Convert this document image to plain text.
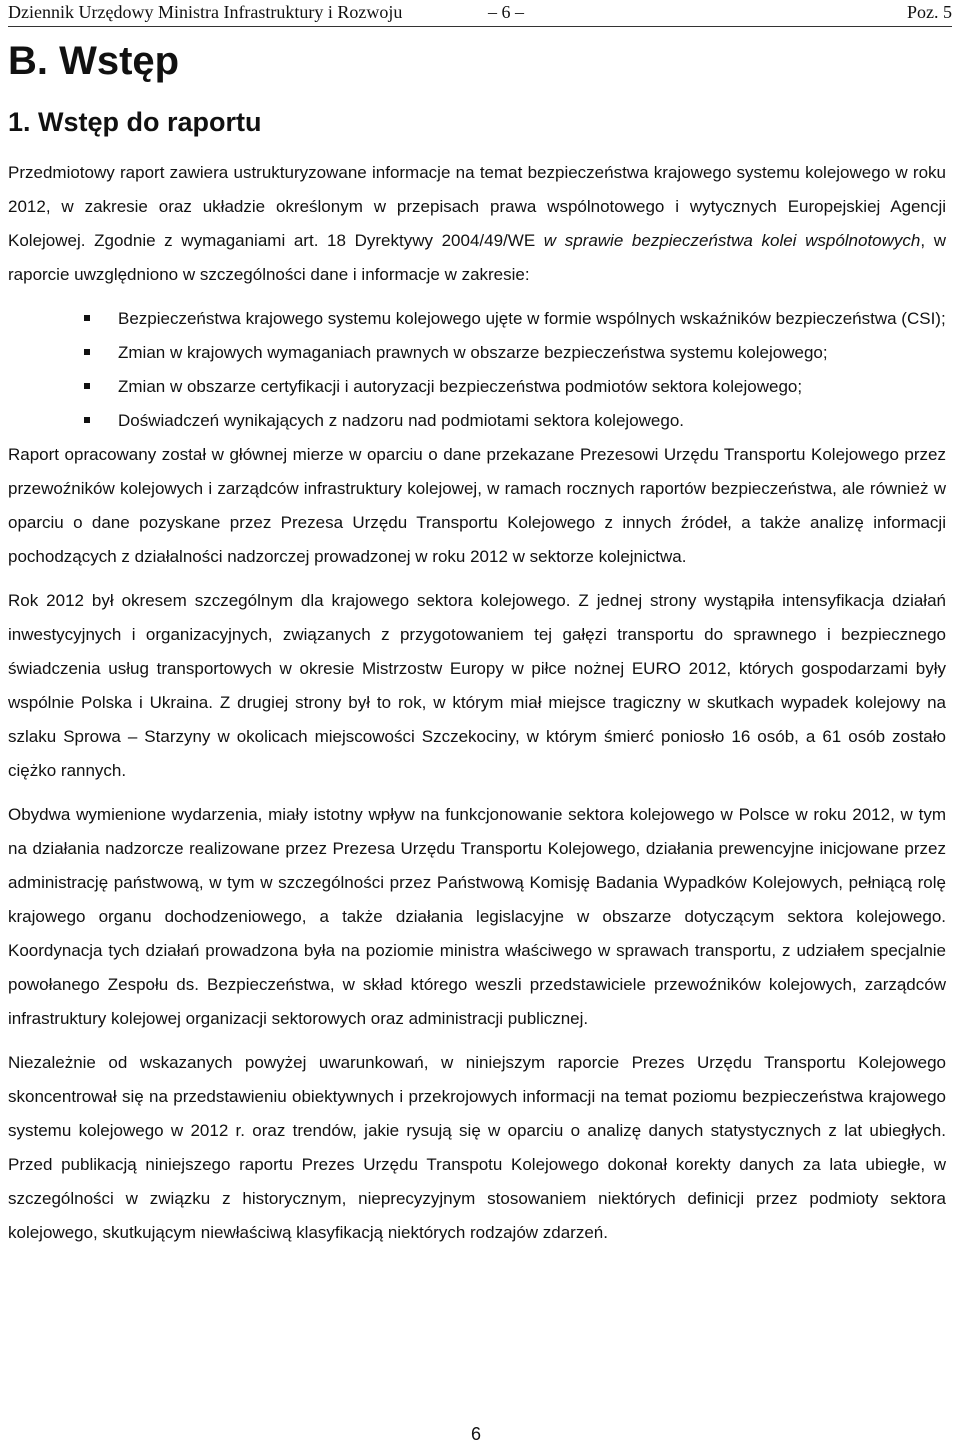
Dziennik Urzędowy Ministra Infrastruktury i Rozwoju	– 6 –	Poz. 5
B. Wstęp
1. Wstęp do raportu

Przedmiotowy raport zawiera ustrukturyzowane informacje na temat bezpieczeństwa krajowego systemu kolejowego w roku 2012, w zakresie oraz układzie określonym w przepisach prawa wspólnotowego i wytycznych Europejskiej Agencji Kolejowej. Zgodnie z wymaganiami art. 18 Dyrektywy 2004/49/WE w sprawie bezpieczeństwa kolei wspólnotowych, w raporcie uwzględniono w szczególności dane i informacje w zakresie:

Bezpieczeństwa krajowego systemu kolejowego ujęte w formie wspólnych wskaźników bezpieczeństwa (CSI);
Zmian w krajowych wymaganiach prawnych w obszarze bezpieczeństwa systemu kolejowego;
Zmian w obszarze certyfikacji i autoryzacji bezpieczeństwa podmiotów sektora kolejowego;
Doświadczeń wynikających z nadzoru nad podmiotami sektora kolejowego.

Raport opracowany został w głównej mierze w oparciu o dane przekazane Prezesowi Urzędu Transportu Kolejowego przez przewoźników kolejowych i zarządców infrastruktury kolejowej, w ramach rocznych raportów bezpieczeństwa, ale również w oparciu o dane pozyskane przez Prezesa Urzędu Transportu Kolejowego z innych źródeł, a także analizę informacji pochodzących z działalności nadzorczej prowadzonej w roku 2012 w sektorze kolejnictwa.

Rok 2012 był okresem szczególnym dla krajowego sektora kolejowego. Z jednej strony wystąpiła intensyfikacja działań inwestycyjnych i organizacyjnych, związanych z przygotowaniem tej gałęzi transportu do sprawnego i bezpiecznego świadczenia usług transportowych w okresie Mistrzostw Europy w piłce nożnej EURO 2012, których gospodarzami były wspólnie Polska i Ukraina. Z drugiej strony był to rok, w którym miał miejsce tragiczny w skutkach wypadek kolejowy na szlaku Sprowa – Starzyny w okolicach miejscowości Szczekociny, w którym śmierć poniosło 16 osób, a 61 osób zostało ciężko rannych.

Obydwa wymienione wydarzenia, miały istotny wpływ na funkcjonowanie sektora kolejowego w Polsce w roku 2012, w tym na działania nadzorcze realizowane przez Prezesa Urzędu Transportu Kolejowego, działania prewencyjne inicjowane przez administrację państwową, w tym w szczególności przez Państwową Komisję Badania Wypadków Kolejowych, pełniącą rolę krajowego organu dochodzeniowego, a także działania legislacyjne w obszarze dotyczącym sektora kolejowego. Koordynacja tych działań prowadzona była na poziomie ministra właściwego w sprawach transportu, z udziałem specjalnie powołanego Zespołu ds. Bezpieczeństwa, w skład którego weszli przedstawiciele przewoźników kolejowych, zarządców infrastruktury kolejowej organizacji sektorowych oraz administracji publicznej.

Niezależnie od wskazanych powyżej uwarunkowań, w niniejszym raporcie Prezes Urzędu Transportu Kolejowego skoncentrował się na przedstawieniu obiektywnych i przekrojowych informacji na temat poziomu bezpieczeństwa krajowego systemu kolejowego w 2012 r. oraz trendów, jakie rysują się w oparciu o analizę danych statystycznych z lat ubiegłych. Przed publikacją niniejszego raportu Prezes Urzędu Transpotu Kolejowego dokonał korekty danych za lata ubiegłe, w szczególności w związku z historycznym, nieprecyzyjnym stosowaniem niektórych definicji przez podmioty sektora kolejowego, skutkującym niewłaściwą klasyfikacją niektórych rodzajów zdarzeń.

6
